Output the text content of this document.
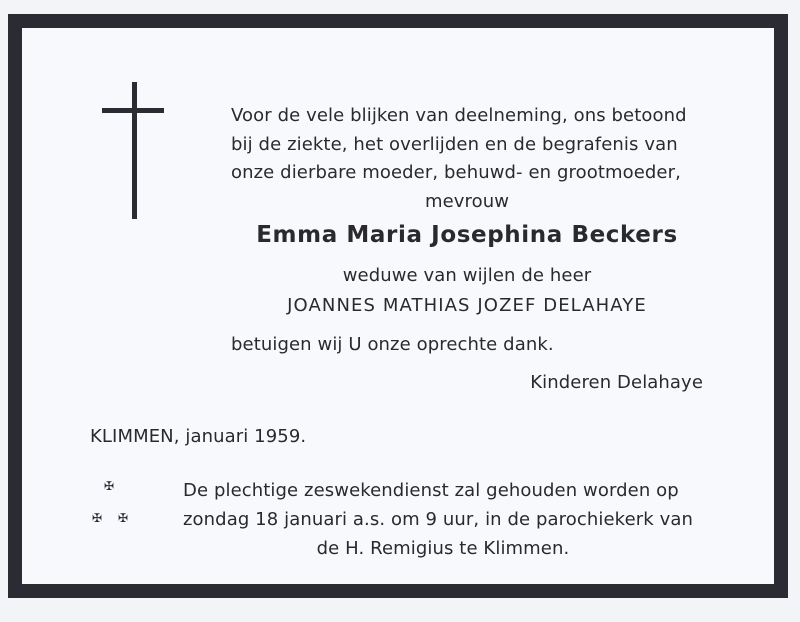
Voor de vele blijken van deelneming, ons betoond
bij de ziekte, het overlijden en de begrafenis van
onze dierbare moeder, behuwd- en grootmoeder,
mevrouw
Emma Maria Josephina Beckers
weduwe van wijlen de heer
JOANNES MATHIAS JOZEF DELAHAYE
betuigen wij U onze oprechte dank.
Kinderen Delahaye
KLIMMEN, januari 1959.
✠
✠ ✠
De plechtige zeswekendienst zal gehouden worden op
zondag 18 januari a.s. om 9 uur, in de parochiekerk van
de H. Remigius te Klimmen.
